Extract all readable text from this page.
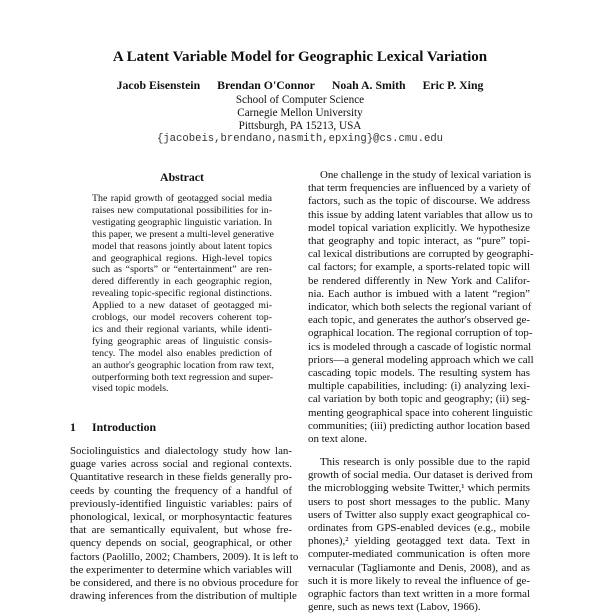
A Latent Variable Model for Geographic Lexical Variation
Jacob Eisenstein Brendan O'Connor Noah A. Smith Eric P. Xing
School of Computer Science
Carnegie Mellon University
Pittsburgh, PA 15213, USA
{jacobeis,brendano,nasmith,epxing}@cs.cmu.edu
Abstract
The rapid growth of geotagged social media
raises new computational possibilities for in-
vestigating geographic linguistic variation. In
this paper, we present a multi-level generative
model that reasons jointly about latent topics
and geographical regions. High-level topics
such as “sports” or “entertainment” are ren-
dered differently in each geographic region,
revealing topic-specific regional distinctions.
Applied to a new dataset of geotagged mi-
croblogs, our model recovers coherent top-
ics and their regional variants, while identi-
fying geographic areas of linguistic consis-
tency. The model also enables prediction of
an author's geographic location from raw text,
outperforming both text regression and super-
vised topic models.
1 Introduction
Sociolinguistics and dialectology study how lan-
guage varies across social and regional contexts.
Quantitative research in these fields generally pro-
ceeds by counting the frequency of a handful of
previously-identified linguistic variables: pairs of
phonological, lexical, or morphosyntactic features
that are semantically equivalent, but whose fre-
quency depends on social, geographical, or other
factors (Paolillo, 2002; Chambers, 2009). It is left to
the experimenter to determine which variables will
be considered, and there is no obvious procedure for
drawing inferences from the distribution of multiple
One challenge in the study of lexical variation is
that term frequencies are influenced by a variety of
factors, such as the topic of discourse. We address
this issue by adding latent variables that allow us to
model topical variation explicitly. We hypothesize
that geography and topic interact, as “pure” topi-
cal lexical distributions are corrupted by geographi-
cal factors; for example, a sports-related topic will
be rendered differently in New York and Califor-
nia. Each author is imbued with a latent “region”
indicator, which both selects the regional variant of
each topic, and generates the author's observed ge-
ographical location. The regional corruption of top-
ics is modeled through a cascade of logistic normal
priors—a general modeling approach which we call
cascading topic models. The resulting system has
multiple capabilities, including: (i) analyzing lexi-
cal variation by both topic and geography; (ii) seg-
menting geographical space into coherent linguistic
communities; (iii) predicting author location based
on text alone.
This research is only possible due to the rapid
growth of social media. Our dataset is derived from
the microblogging website Twitter,¹ which permits
users to post short messages to the public. Many
users of Twitter also supply exact geographical co-
ordinates from GPS-enabled devices (e.g., mobile
phones),² yielding geotagged text data. Text in
computer-mediated communication is often more
vernacular (Tagliamonte and Denis, 2008), and as
such it is more likely to reveal the influence of ge-
ographic factors than text written in a more formal
genre, such as news text (Labov, 1966).
